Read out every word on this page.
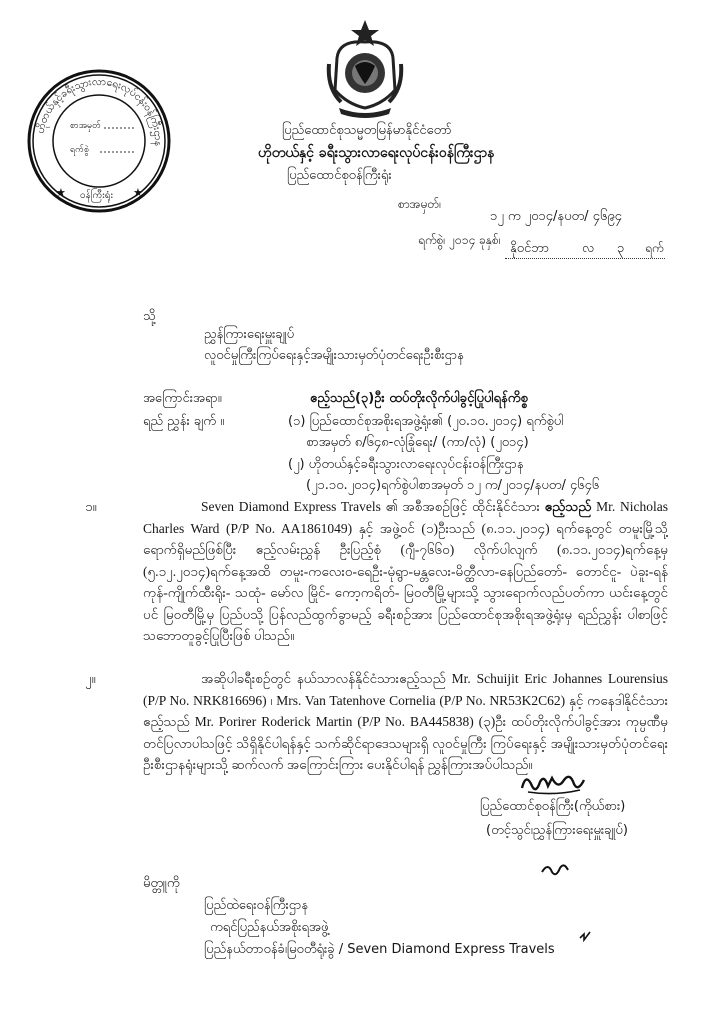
ဟိုတယ်နှင့်ခရီးသွားလာရေးလုပ်ငန်းဝန်ကြီးဌာန
★	★
ဝန်ကြီးရုံး
စာအမှတ်
ရက်စွဲ
ပြည်ထောင်စုသမ္မတမြန်မာနိုင်ငံတော်
ဟိုတယ်နှင့် ခရီးသွားလာရေးလုပ်ငန်းဝန်ကြီးဌာန
ပြည်ထောင်စုဝန်ကြီးရုံး
စာအမှတ်၊
၁၂ က ၂၀၁၄/နပတ/ ၄၆၉၄
ရက်စွဲ၊ ၂၀၁၄ ခုနှစ်၊
နိုဝင်ဘာ	လ ၃ ရက်
သို့
ညွှန်ကြားရေးမှူးချုပ်
လူဝင်မှုကြီးကြပ်ရေးနှင့်အမျိုးသားမှတ်ပုံတင်ရေးဦးစီးဌာန
အကြောင်းအရာ။	ဧည့်သည်(၃)ဦး ထပ်တိုးလိုက်ပါခွင့်ပြုပါရန်ကိစ္စ
ရည် ညွှန်း ချက် ။	(၁) ပြည်ထောင်စုအစိုးရအဖွဲ့ရုံး၏ (၂၀.၁၀.၂၀၁၄) ရက်စွဲပါ
စာအမှတ် ၈/၆၄၈-လုံခြုံရေး/ (ကာ/လုံ) (၂၀၁၄)
(၂) ဟိုတယ်နှင့်ခရီးသွားလာရေးလုပ်ငန်းဝန်ကြီးဌာန
(၂၁.၁၀.၂၀၁၄)ရက်စွဲပါစာအမှတ် ၁၂ က/၂၀၁၄/နပတ/ ၄၆၄၆
၁။	Seven Diamond Express Travels ၏ အစီအစဉ်ဖြင့် ထိုင်းနိုင်ငံသား ဧည့်သည် Mr. Nicholas Charles Ward (P/P No. AA1861049) နှင့် အဖွဲ့ဝင် (၁)ဦးသည် (၈.၁၁.၂၀၁၄) ရက်နေ့တွင် တမူးမြို့သို့ရောက်ရှိမည်ဖြစ်ပြီး ဧည့်လမ်းညွှန် ဦးပြည့်စုံ (ဂျီ-၇၆၆၀) လိုက်ပါလျက် (၈.၁၁.၂၀၁၄)ရက်နေ့မှ (၅.၁၂.၂၀၁၄)ရက်နေ့အထိ တမူး-ကလေးဝ-ရေဦး-မုံရွာ-မန္တလေး-မိတ္ထီလာ-နေပြည်တော်- တောင်ငူ- ပဲခူး-ရန်ကုန်-ကျိုက်ထီးရိုး- သထုံ- မော်လ မြိုင်- ကော့ကရိတ်- မြဝတီမြို့များသို့ သွားရောက်လည်ပတ်ကာ ယင်းနေ့တွင်ပင် မြဝတီမြို့မှ ပြည်ပသို့ ပြန်လည်ထွက်ခွာမည့် ခရီးစဉ်အား ပြည်ထောင်စုအစိုးရအဖွဲ့ရုံးမှ ရည်ညွှန်း ပါစာဖြင့် သဘောတူခွင့်ပြုပြီးဖြစ် ပါသည်။
၂။	အဆိုပါခရီးစဉ်တွင် နယ်သာလန်နိုင်ငံသားဧည့်သည် Mr. Schuijit Eric Johannes Lourensius (P/P No. NRK816696) ၊ Mrs. Van Tatenhove Cornelia (P/P No. NR53K2C62) နှင့် ကနေဒါနိုင်ငံသားဧည့်သည် Mr. Porirer Roderick Martin (P/P No. BA445838) (၃)ဦး ထပ်တိုးလိုက်ပါခွင့်အား ကုမ္ပဏီမှတင်ပြလာပါသဖြင့် သိရှိနိုင်ပါရန်နှင့် သက်ဆိုင်ရာဒေသများရှိ လူဝင်မှုကြီး ကြပ်ရေးနှင့် အမျိုးသားမှတ်ပုံတင်ရေးဦးစီးဌာနရုံးများသို့ ဆက်လက် အကြောင်းကြား ပေးနိုင်ပါရန် ညွှန်ကြားအပ်ပါသည်။
ပြည်ထောင်စုဝန်ကြီး(ကိုယ်စား)
(တင့်သွင်၊ညွှန်ကြားရေးမှူးချုပ်)
မိတ္တူကို
ပြည်ထဲရေးဝန်ကြီးဌာန
ကရင်ပြည်နယ်အစိုးရအဖွဲ့
ပြည်နယ်တာဝန်ခံ၊မြဝတီရုံးခွဲ / Seven Diamond Express Travels
